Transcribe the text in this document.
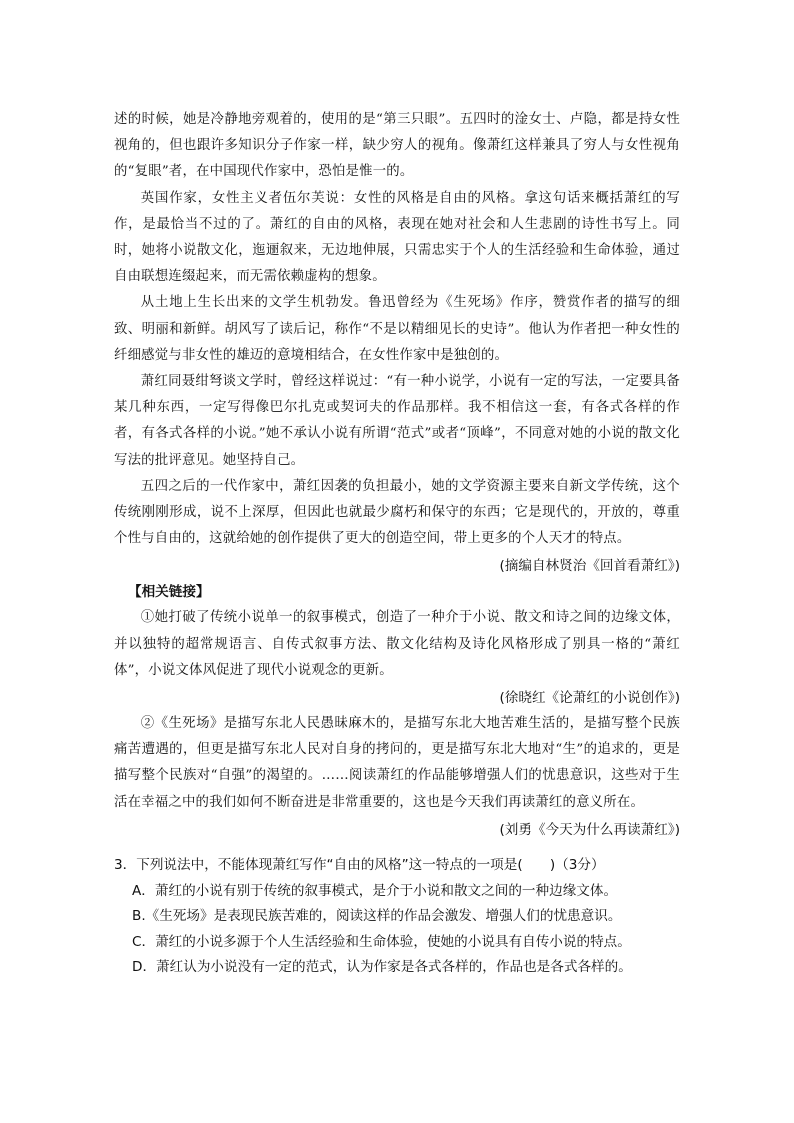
述的时候，她是冷静地旁观着的，使用的是“第三只眼”。五四时的淦女士、卢隐，都是持女性视角的，但也跟许多知识分子作家一样，缺少穷人的视角。像萧红这样兼具了穷人与女性视角的“复眼”者，在中国现代作家中，恐怕是惟一的。

英国作家，女性主义者伍尔芙说：女性的风格是自由的风格。拿这句话来概括萧红的写作，是最恰当不过的了。萧红的自由的风格，表现在她对社会和人生悲剧的诗性书写上。同时，她将小说散文化，迤逦叙来，无边地伸展，只需忠实于个人的生活经验和生命体验，通过自由联想连缀起来，而无需依赖虚构的想象。

从土地上生长出来的文学生机勃发。鲁迅曾经为《生死场》作序，赞赏作者的描写的细致、明丽和新鲜。胡风写了读后记，称作“不是以精细见长的史诗”。他认为作者把一种女性的纤细感觉与非女性的雄迈的意境相结合，在女性作家中是独创的。

萧红同聂绀弩谈文学时，曾经这样说过：“有一种小说学，小说有一定的写法，一定要具备某几种东西，一定写得像巴尔扎克或契诃夫的作品那样。我不相信这一套，有各式各样的作者，有各式各样的小说。”她不承认小说有所谓“范式”或者“顶峰”，不同意对她的小说的散文化写法的批评意见。她坚持自己。

五四之后的一代作家中，萧红因袭的负担最小，她的文学资源主要来自新文学传统，这个传统刚刚形成，说不上深厚，但因此也就最少腐朽和保守的东西；它是现代的，开放的，尊重个性与自由的，这就给她的创作提供了更大的创造空间，带上更多的个人天才的特点。

(摘编自林贤治《回首看萧红》)

【相关链接】

①她打破了传统小说单一的叙事模式，创造了一种介于小说、散文和诗之间的边缘文体，并以独特的超常规语言、自传式叙事方法、散文化结构及诗化风格形成了别具一格的“萧红体”，小说文体风促进了现代小说观念的更新。

(徐晓红《论萧红的小说创作》)

②《生死场》是描写东北人民愚昧麻木的，是描写东北大地苦难生活的，是描写整个民族痛苦遭遇的，但更是描写东北人民对自身的拷问的，更是描写东北大地对“生”的追求的，更是描写整个民族对“自强”的渴望的。……阅读萧红的作品能够增强人们的忧患意识，这些对于生活在幸福之中的我们如何不断奋进是非常重要的，这也是今天我们再读萧红的意义所在。

(刘勇《今天为什么再读萧红》)

3．下列说法中，不能体现萧红写作“自由的风格”这一特点的一项是(　　)（3分）

A．萧红的小说有别于传统的叙事模式，是介于小说和散文之间的一种边缘文体。

B.《生死场》是表现民族苦难的，阅读这样的作品会激发、增强人们的忧患意识。

C．萧红的小说多源于个人生活经验和生命体验，使她的小说具有自传小说的特点。

D．萧红认为小说没有一定的范式，认为作家是各式各样的，作品也是各式各样的。
